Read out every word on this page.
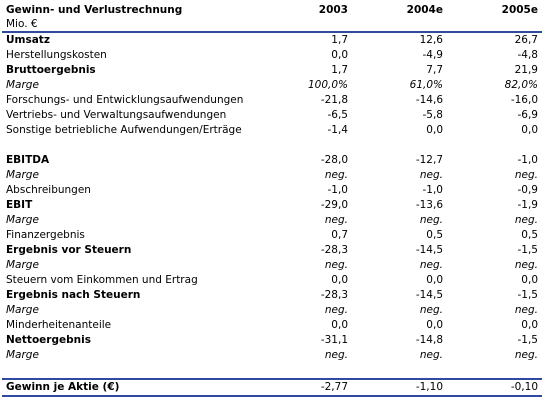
Gewinn- und Verlustrechnung	2003	2004e	2005e
Mio. €			
Umsatz	1,7	12,6	26,7
Herstellungskosten	0,0	-4,9	-4,8
Bruttoergebnis	1,7	7,7	21,9
Marge	100,0%	61,0%	82,0%
Forschungs- und Entwicklungsaufwendungen	-21,8	-14,6	-16,0
Vertriebs- und Verwaltungsaufwendungen	-6,5	-5,8	-6,9
Sonstige betriebliche Aufwendungen/Erträge	-1,4	0,0	0,0

EBITDA	-28,0	-12,7	-1,0
Marge	neg.	neg.	neg.
Abschreibungen	-1,0	-1,0	-0,9
EBIT	-29,0	-13,6	-1,9
Marge	neg.	neg.	neg.
Finanzergebnis	0,7	0,5	0,5
Ergebnis vor Steuern	-28,3	-14,5	-1,5
Marge	neg.	neg.	neg.
Steuern vom Einkommen und Ertrag	0,0	0,0	0,0
Ergebnis nach Steuern	-28,3	-14,5	-1,5
Marge	neg.	neg.	neg.
Minderheitenanteile	0,0	0,0	0,0
Nettoergebnis	-31,1	-14,8	-1,5
Marge	neg.	neg.	neg.

Gewinn je Aktie (€)	-2,77	-1,10	-0,10
